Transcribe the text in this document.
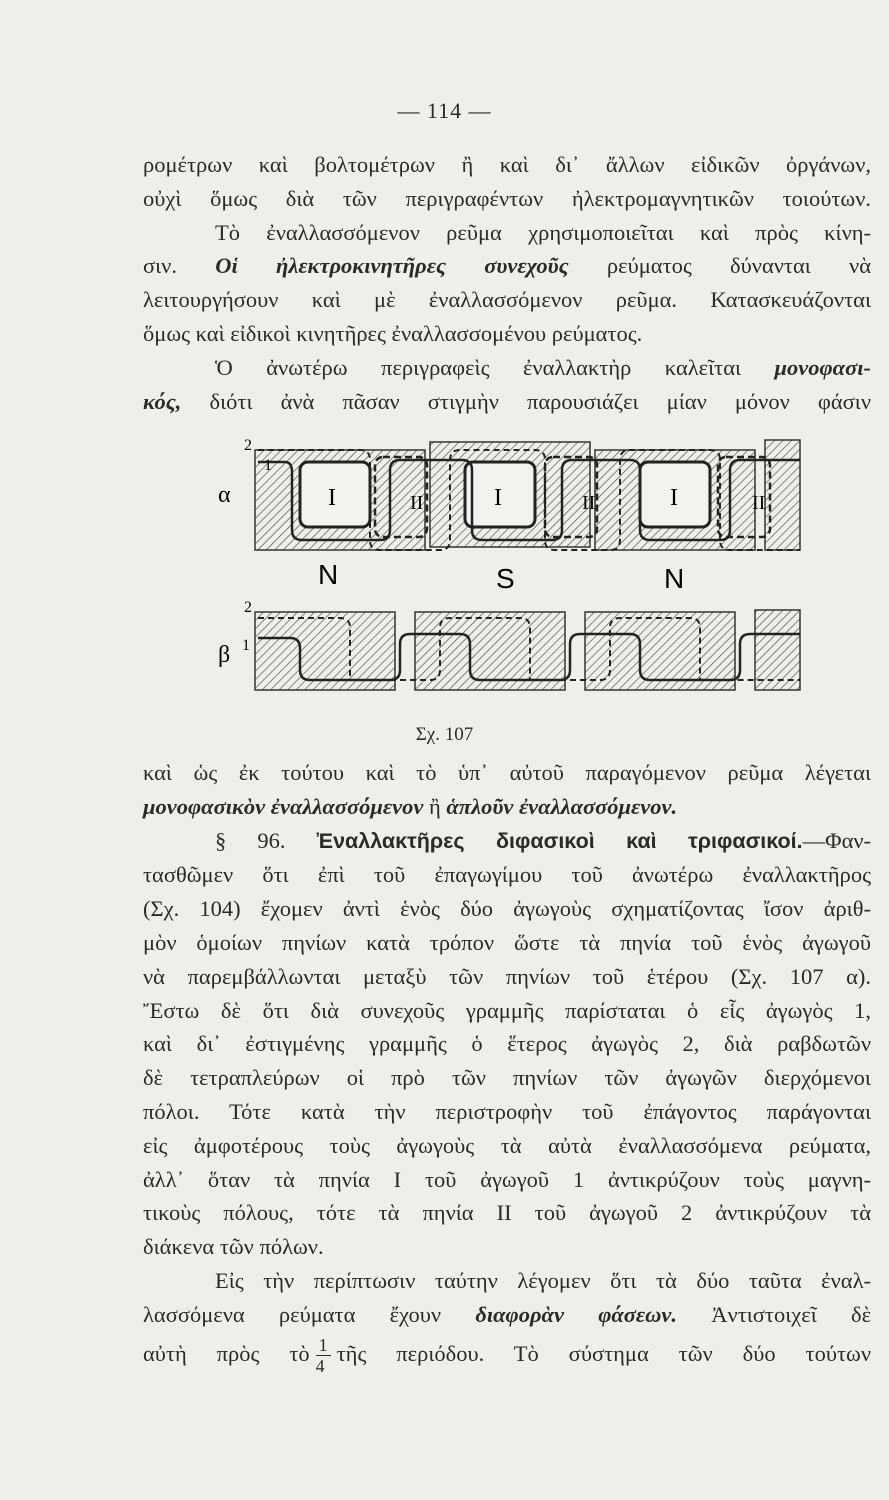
— 114 —
ρομέτρων καὶ βολτομέτρων ἢ καὶ δι᾽ ἄλλων εἰδικῶν ὀργάνων,
οὐχὶ ὅμως διὰ τῶν περιγραφέντων ἠλεκτρομαγνητικῶν τοιούτων.
Τὸ ἐναλλασσόμενον ρεῦμα χρησιμοποιεῖται καὶ πρὸς κίνη-
σιν. Οἱ ἠλεκτροκινητῆρες συνεχοῦς ρεύματος δύνανται νὰ
λειτουργήσουν καὶ μὲ ἐναλλασσόμενον ρεῦμα. Κατασκευάζονται
ὅμως καὶ εἰδικοὶ κινητῆρες ἐναλλασσομένου ρεύματος.
Ὁ ἀνωτέρω περιγραφεὶς ἐναλλακτὴρ καλεῖται μονοφασι-
κός, διότι ἀνὰ πᾶσαν στιγμὴν παρουσιάζει μίαν μόνον φάσιν
α
2
1
I	II	I	II	I	II
N	S	N
β
2
1
Σχ. 107
καὶ ὡς ἐκ τούτου καὶ τὸ ὑπ᾽ αὐτοῦ παραγόμενον ρεῦμα λέγεται
μονοφασικὸν ἐναλλασσόμενον ἢ ἁπλοῦν ἐναλλασσόμενον.
§ 96. Ἐναλλακτῆρες διφασικοὶ καὶ τριφασικοί.—Φαν-
τασθῶμεν ὅτι ἐπὶ τοῦ ἐπαγωγίμου τοῦ ἀνωτέρω ἐναλλακτῆρος
(Σχ. 104) ἔχομεν ἀντὶ ἑνὸς δύο ἀγωγοὺς σχηματίζοντας ἴσον ἀριθ-
μὸν ὁμοίων πηνίων κατὰ τρόπον ὥστε τὰ πηνία τοῦ ἑνὸς ἀγωγοῦ
νὰ παρεμβάλλωνται μεταξὺ τῶν πηνίων τοῦ ἑτέρου (Σχ. 107 α).
Ἔστω δὲ ὅτι διὰ συνεχοῦς γραμμῆς παρίσταται ὁ εἷς ἀγωγὸς 1,
καὶ δι᾽ ἐστιγμένης γραμμῆς ὁ ἕτερος ἀγωγὸς 2, διὰ ραβδωτῶν
δὲ τετραπλεύρων οἱ πρὸ τῶν πηνίων τῶν ἀγωγῶν διερχόμενοι
πόλοι. Τότε κατὰ τὴν περιστροφὴν τοῦ ἐπάγοντος παράγονται
εἰς ἀμφοτέρους τοὺς ἀγωγοὺς τὰ αὐτὰ ἐναλλασσόμενα ρεύματα,
ἀλλ᾽ ὅταν τὰ πηνία I τοῦ ἀγωγοῦ 1 ἀντικρύζουν τοὺς μαγνη-
τικοὺς πόλους, τότε τὰ πηνία II τοῦ ἀγωγοῦ 2 ἀντικρύζουν τὰ
διάκενα τῶν πόλων.
Εἰς τὴν περίπτωσιν ταύτην λέγομεν ὅτι τὰ δύο ταῦτα ἐναλ-
λασσόμενα ρεύματα ἔχουν διαφορὰν φάσεων. Ἀντιστοιχεῖ δὲ
αὐτὴ πρὸς τὸ $\frac{1}{4}$ τῆς περιόδου. Τὸ σύστημα τῶν δύο τούτων
